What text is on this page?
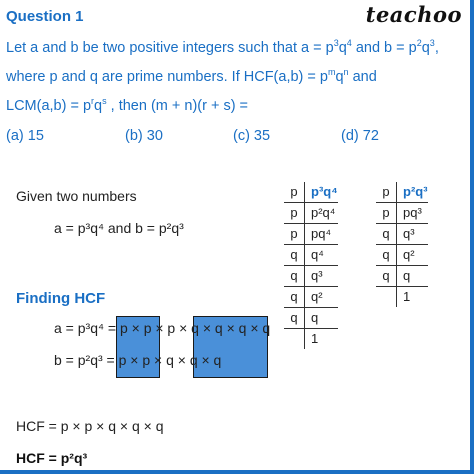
Question 1	teachoo
Let a and b be two positive integers such that $a = p^3q^4$ and $b = p^2q^3$,
where p and q are prime numbers. If $HCF(a,b) = p^mq^n$ and
$LCM(a,b) = p^rq^s$ , then (m + n)(r + s) =
(a) 15	(b) 30	(c) 35	(d) 72
Given two numbers
a = p³q⁴ and b = p²q³
Finding HCF
a = p³q⁴ = p × p × p × q × q × q × q
b = p²q³ = p × p × q × q × q
HCF = p × p × q × q × q
HCF = p²q³
p	p³q⁴
p	p²q⁴
p	pq⁴
q	q⁴
q	q³
q	q²
q	q
	1
p	p²q³
p	pq³
q	q³
q	q²
q	q
	1
